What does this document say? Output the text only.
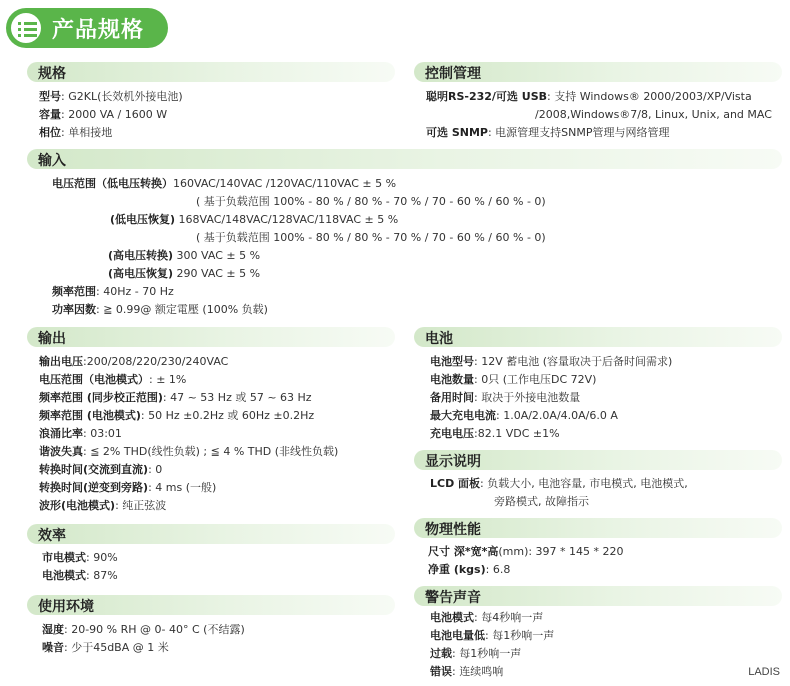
产品规格
规格
型号: G2KL(长效机外接电池)
容量: 2000 VA / 1600 W
相位: 单相接地
控制管理
聪明RS-232/可选 USB: 支持 Windows® 2000/2003/XP/Vista
/2008,Windows®7/8, Linux, Unix, and MAC
可选 SNMP: 电源管理支持SNMP管理与网络管理
输入
电压范围（低电压转换）160VAC/140VAC /120VAC/110VAC ± 5 %
( 基于负载范围 100% - 80 % / 80 % - 70 % / 70 - 60 % / 60 % - 0)
(低电压恢复) 168VAC/148VAC/128VAC/118VAC ± 5 %
( 基于负载范围 100% - 80 % / 80 % - 70 % / 70 - 60 % / 60 % - 0)
(高电压转换) 300 VAC ± 5 %
(高电压恢复) 290 VAC ± 5 %
频率范围: 40Hz - 70 Hz
功率因数: ≧ 0.99@ 额定電壓 (100% 负载)
输出
输出电压:200/208/220/230/240VAC
电压范围（电池模式）: ± 1%
频率范围 (同步校正范围): 47 ~ 53 Hz 或 57 ~ 63 Hz
频率范围 (电池模式): 50 Hz ±0.2Hz 或 60Hz ±0.2Hz
浪涌比率: 03:01
谐波失真: ≦ 2% THD(线性负载) ; ≦ 4 % THD (非线性负载)
转换时间(交流到直流): 0
转换时间(逆变到旁路): 4 ms (一般)
波形(电池模式): 纯正弦波
电池
电池型号: 12V 蓄电池 (容量取决于后备时间需求)
电池数量: 0只 (工作电压DC 72V)
备用时间: 取决于外接电池数量
最大充电电流: 1.0A/2.0A/4.0A/6.0 A
充电电压:82.1 VDC ±1%
显示说明
LCD 面板: 负载大小, 电池容量, 市电模式, 电池模式,
旁路模式, 故障指示
效率
市电模式: 90%
电池模式: 87%
物理性能
尺寸 深*宽*高(mm): 397 * 145 * 220
净重 (kgs): 6.8
使用环境
湿度: 20-90 % RH @ 0- 40° C (不结露)
噪音: 少于45dBA @ 1 米
警告声音
电池模式: 每4秒响一声
电池电量低: 每1秒响一声
过载: 每1秒响一声
错误: 连续鸣响	LADIS
